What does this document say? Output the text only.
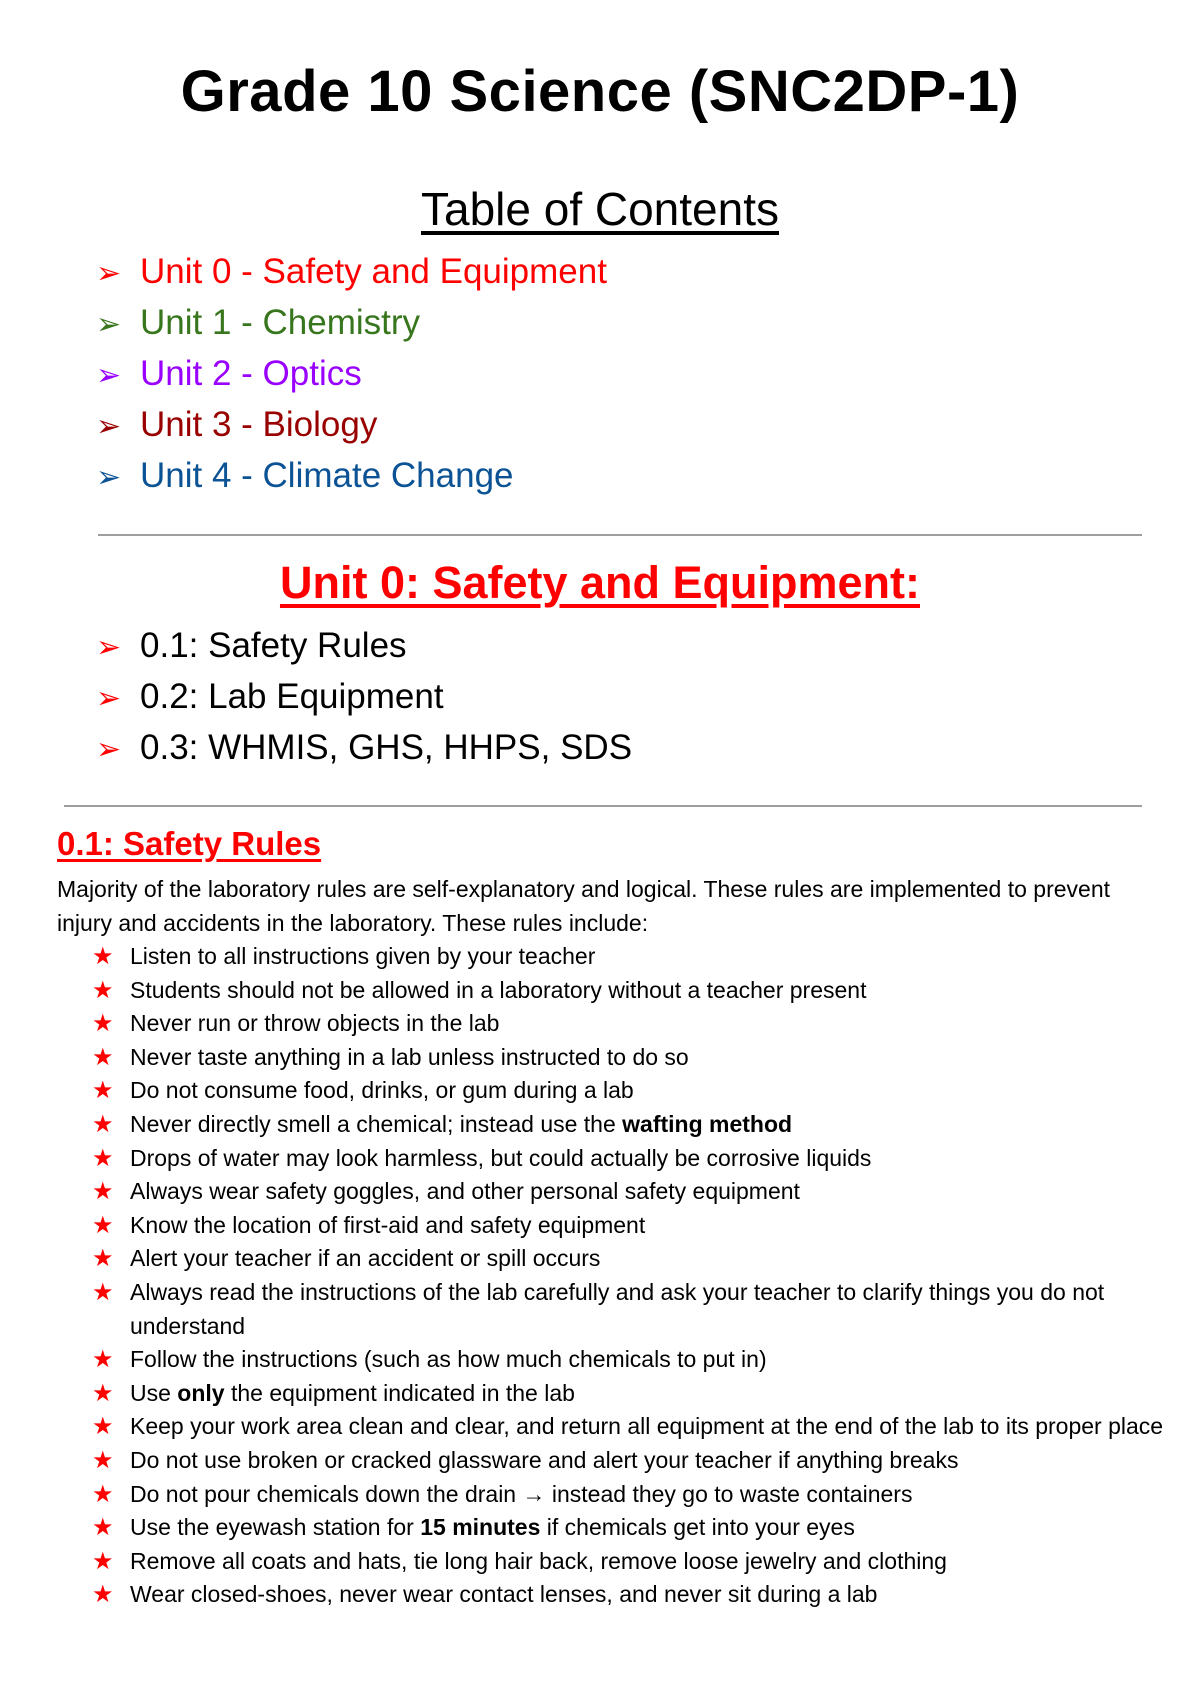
Grade 10 Science (SNC2DP-1)
Table of Contents
➢ Unit 0 - Safety and Equipment
➢ Unit 1 - Chemistry
➢ Unit 2 - Optics
➢ Unit 3 - Biology
➢ Unit 4 - Climate Change
Unit 0: Safety and Equipment:
➢ 0.1: Safety Rules
➢ 0.2: Lab Equipment
➢ 0.3: WHMIS, GHS, HHPS, SDS
0.1: Safety Rules

Majority of the laboratory rules are self-explanatory and logical. These rules are implemented to prevent injury and accidents in the laboratory. These rules include:

★ Listen to all instructions given by your teacher
★ Students should not be allowed in a laboratory without a teacher present
★ Never run or throw objects in the lab
★ Never taste anything in a lab unless instructed to do so
★ Do not consume food, drinks, or gum during a lab
★ Never directly smell a chemical; instead use the wafting method
★ Drops of water may look harmless, but could actually be corrosive liquids
★ Always wear safety goggles, and other personal safety equipment
★ Know the location of first-aid and safety equipment
★ Alert your teacher if an accident or spill occurs
★ Always read the instructions of the lab carefully and ask your teacher to clarify things you do not understand
★ Follow the instructions (such as how much chemicals to put in)
★ Use only the equipment indicated in the lab
★ Keep your work area clean and clear, and return all equipment at the end of the lab to its proper place
★ Do not use broken or cracked glassware and alert your teacher if anything breaks
★ Do not pour chemicals down the drain → instead they go to waste containers
★ Use the eyewash station for 15 minutes if chemicals get into your eyes
★ Remove all coats and hats, tie long hair back, remove loose jewelry and clothing
★ Wear closed-shoes, never wear contact lenses, and never sit during a lab
